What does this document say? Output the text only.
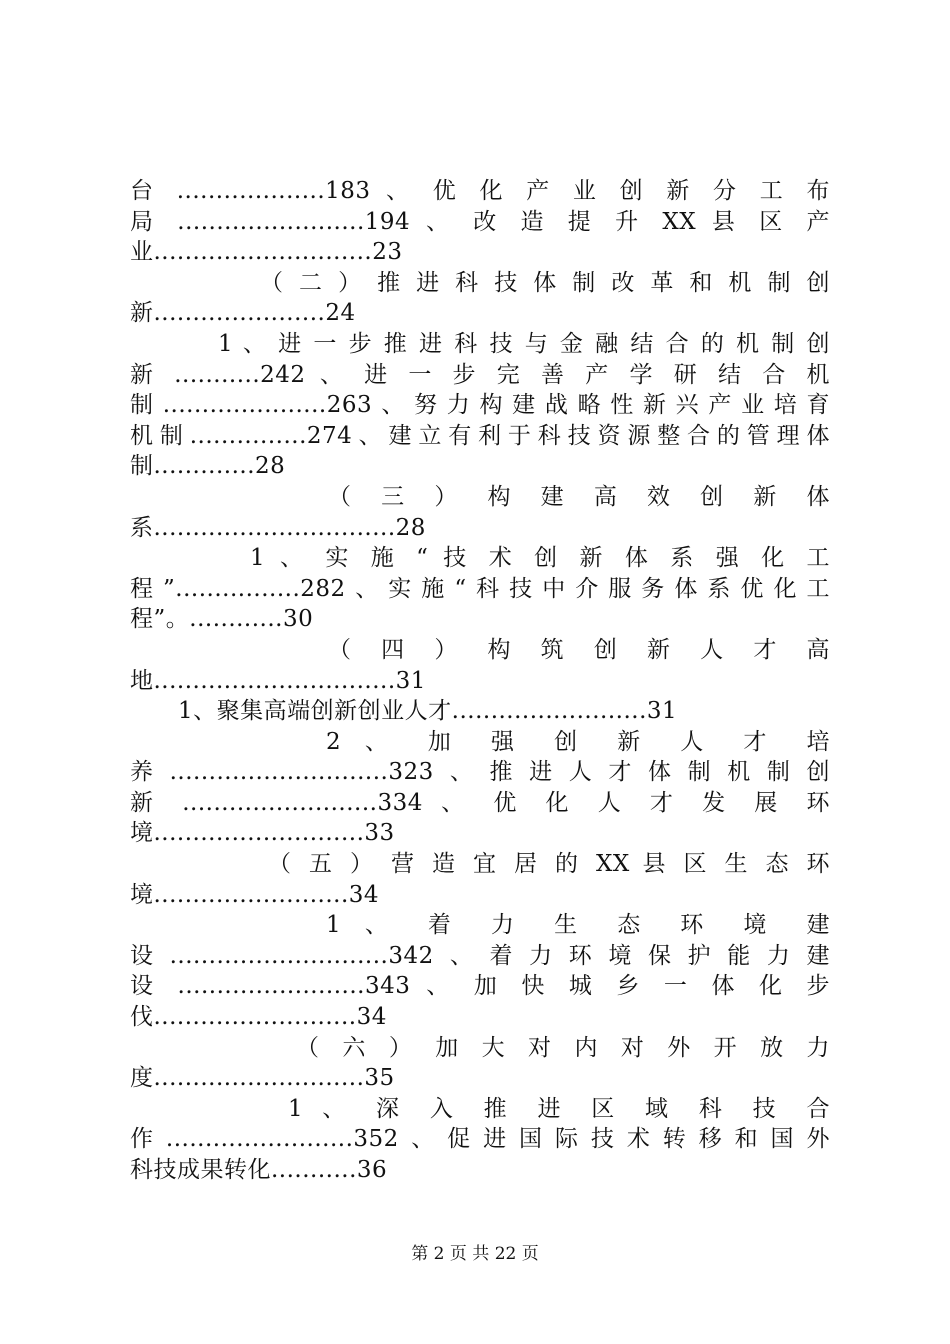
台 ...................183 、 优 化 产 业 创 新 分 工 布
局 ........................194 、 改 造 提 升 XX 县 区 产
业............................23
（ 二 ） 推 进 科 技 体 制 改 革 和 机 制 创
新......................24
1 、 进 一 步 推 进 科 技 与 金 融 结 合 的 机 制 创
新 ...........242 、 进 一 步 完 善 产 学 研 结 合 机
制.....................263、努力构建战略性新兴产业培育
机制...............274、建立有利于科技资源整合的管理体
制.............28
（ 三 ） 构 建 高 效 创 新 体
系...............................28
1 、 实 施 “ 技 术 创 新 体 系 强 化 工
程”................282、实施“科技中介服务体系优化工
程”。............30
（ 四 ） 构 筑 创 新 人 才 高
地...............................31
1、聚集高端创新创业人才.........................31
2 、 加 强 创 新 人 才 培
养............................323、推进人才体制机制创
新 .........................334 、 优 化 人 才 发 展 环
境...........................33
（ 五 ） 营 造 宜 居 的 XX 县 区 生 态 环
境.........................34
1 、 着 力 生 态 环 境 建
设............................342、着力环境保护能力建
设 ........................343 、 加 快 城 乡 一 体 化 步
伐..........................34
（ 六 ） 加 大 对 内 对 外 开 放 力
度...........................35
1 、 深 入 推 进 区 域 科 技 合
作........................352、促进国际技术转移和国外
科技成果转化...........36
第 2 页 共 22 页
